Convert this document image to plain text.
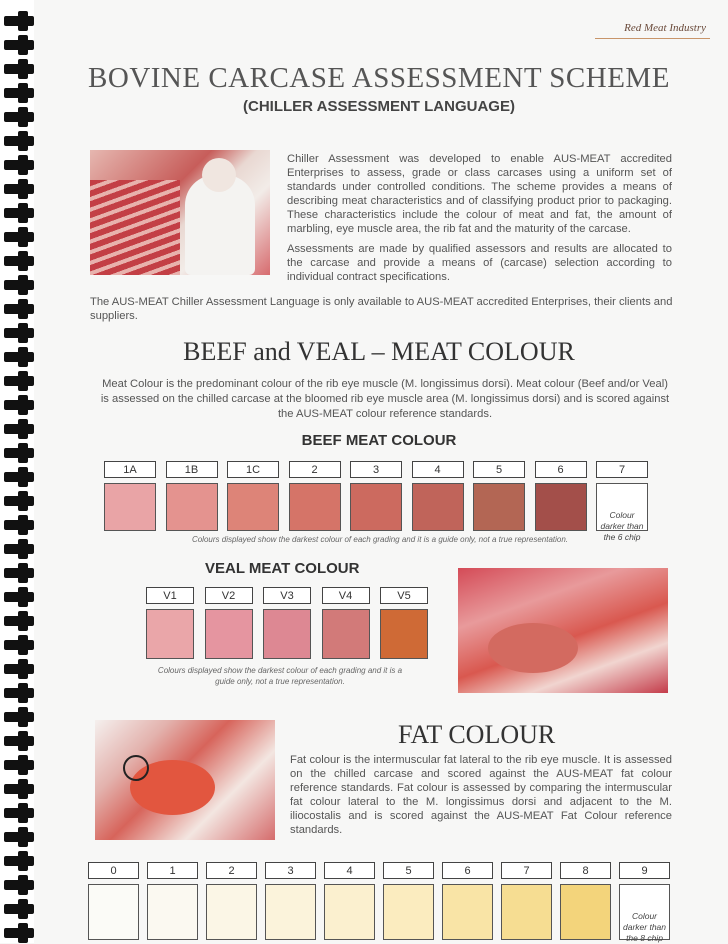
Red Meat Industry
BOVINE CARCASE ASSESSMENT SCHEME
(CHILLER ASSESSMENT LANGUAGE)
Chiller Assessment was developed to enable AUS-MEAT accredited Enterprises to assess, grade or class carcases using a uniform set of standards under controlled conditions. The scheme provides a means of describing meat characteristics and of classifying product prior to packaging. These characteristics include the colour of meat and fat, the amount of marbling, eye muscle area, the rib fat and the maturity of the carcase.
Assessments are made by qualified assessors and results are allocated to the carcase and provide a means of (carcase) selection according to individual contract specifications.
The AUS-MEAT Chiller Assessment Language is only available to AUS-MEAT accredited Enterprises, their clients and suppliers.
BEEF and VEAL – MEAT COLOUR
Meat Colour is the predominant colour of the rib eye muscle (M. longissimus dorsi). Meat colour (Beef and/or Veal) is assessed on the chilled carcase at the bloomed rib eye muscle area (M. longissimus dorsi) and is scored against the AUS-MEAT colour reference standards.
BEEF MEAT COLOUR
1A	1B	1C	2	3	4	5	6	7
Colour darker than the 6 chip
Colours displayed show the darkest colour of each grading and it is a guide only, not a true representation.
VEAL MEAT COLOUR
V1	V2	V3	V4	V5
Colours displayed show the darkest colour of each grading and it is a guide only, not a true representation.
FAT COLOUR
Fat colour is the intermuscular fat lateral to the rib eye muscle. It is assessed on the chilled carcase and scored against the AUS-MEAT fat colour reference standards. Fat colour is assessed by comparing the intermuscular fat colour lateral to the M. longissimus dorsi and adjacent to the M. iliocostalis and is scored against the AUS-MEAT Fat Colour reference standards.
0	1	2	3	4	5	6	7	8	9
Colour darker than the 8 chip
